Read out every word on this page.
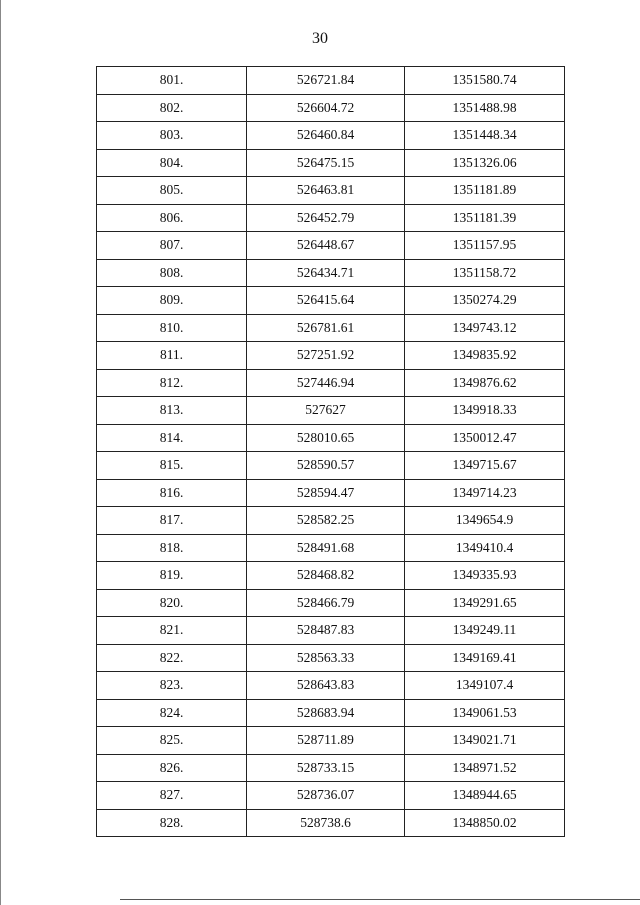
30
801.	526721.84	1351580.74
802.	526604.72	1351488.98
803.	526460.84	1351448.34
804.	526475.15	1351326.06
805.	526463.81	1351181.89
806.	526452.79	1351181.39
807.	526448.67	1351157.95
808.	526434.71	1351158.72
809.	526415.64	1350274.29
810.	526781.61	1349743.12
811.	527251.92	1349835.92
812.	527446.94	1349876.62
813.	527627	1349918.33
814.	528010.65	1350012.47
815.	528590.57	1349715.67
816.	528594.47	1349714.23
817.	528582.25	1349654.9
818.	528491.68	1349410.4
819.	528468.82	1349335.93
820.	528466.79	1349291.65
821.	528487.83	1349249.11
822.	528563.33	1349169.41
823.	528643.83	1349107.4
824.	528683.94	1349061.53
825.	528711.89	1349021.71
826.	528733.15	1348971.52
827.	528736.07	1348944.65
828.	528738.6	1348850.02
